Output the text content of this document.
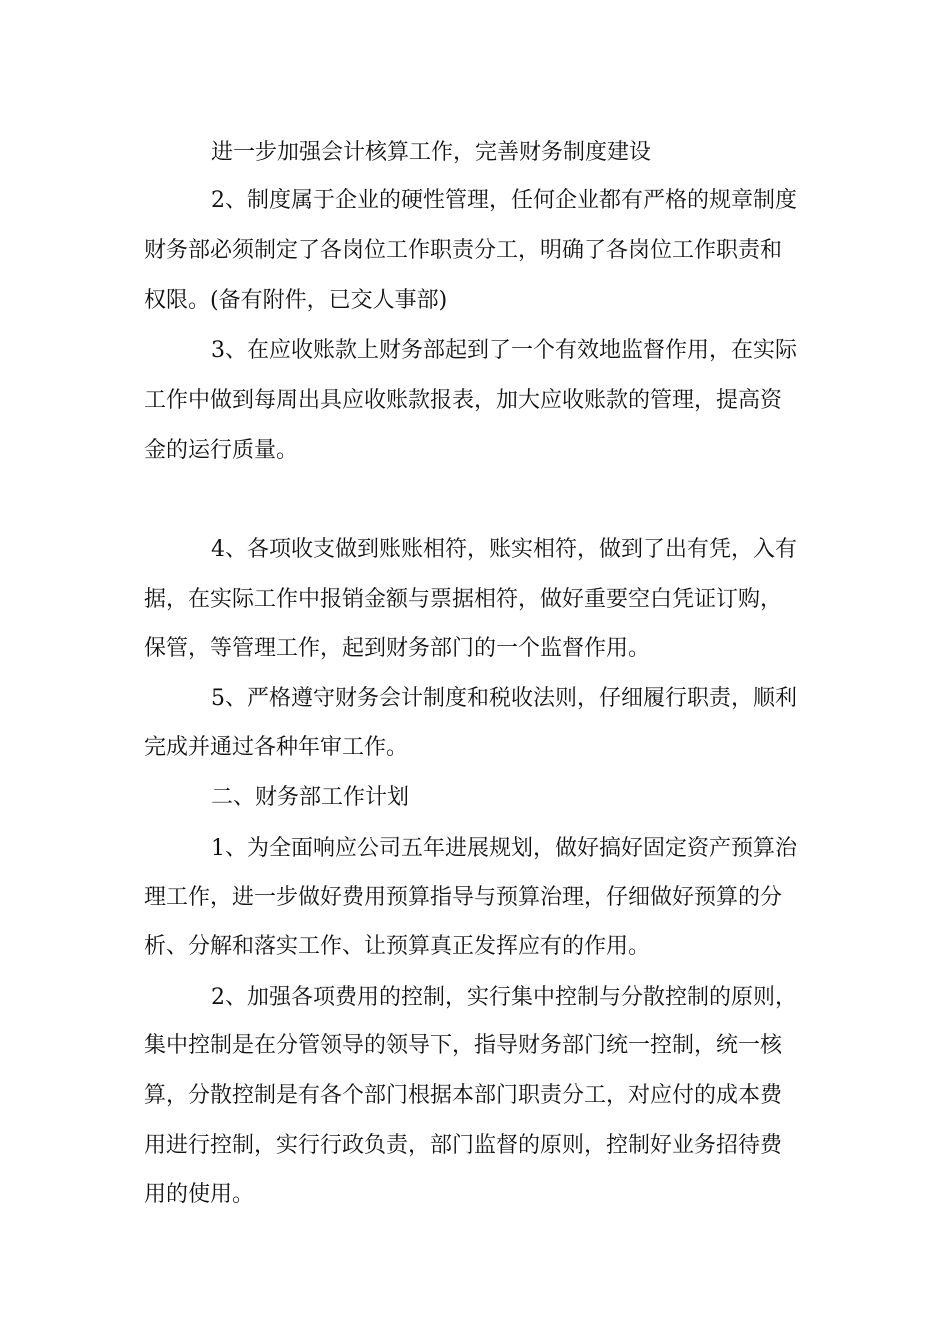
进一步加强会计核算工作，完善财务制度建设
2、制度属于企业的硬性管理，任何企业都有严格的规章制度
财务部必须制定了各岗位工作职责分工，明确了各岗位工作职责和
权限。(备有附件，已交人事部)
3、在应收账款上财务部起到了一个有效地监督作用，在实际
工作中做到每周出具应收账款报表，加大应收账款的管理，提高资
金的运行质量。
4、各项收支做到账账相符，账实相符，做到了出有凭，入有
据，在实际工作中报销金额与票据相符，做好重要空白凭证订购，
保管，等管理工作，起到财务部门的一个监督作用。
5、严格遵守财务会计制度和税收法则，仔细履行职责，顺利
完成并通过各种年审工作。
二、财务部工作计划
1、为全面响应公司五年进展规划，做好搞好固定资产预算治
理工作，进一步做好费用预算指导与预算治理，仔细做好预算的分
析、分解和落实工作、让预算真正发挥应有的作用。
2、加强各项费用的控制，实行集中控制与分散控制的原则，
集中控制是在分管领导的领导下，指导财务部门统一控制，统一核
算，分散控制是有各个部门根据本部门职责分工，对应付的成本费
用进行控制，实行行政负责，部门监督的原则，控制好业务招待费
用的使用。
